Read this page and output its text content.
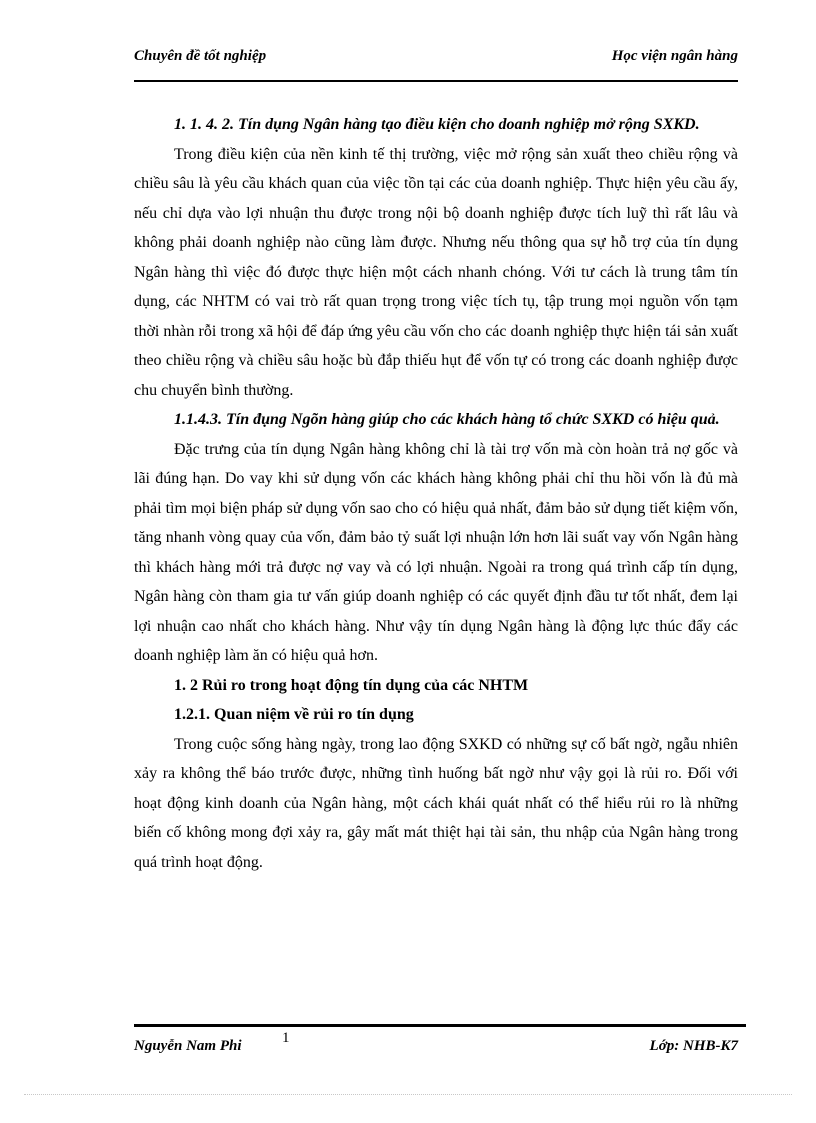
Chuyên đề tốt nghiệp	Học viện ngân hàng

1. 1. 4. 2. Tín dụng Ngân hàng tạo điều kiện cho doanh nghiệp mở rộng SXKD.

Trong điều kiện của nền kinh tế thị trường, việc mở rộng sản xuất theo chiều rộng và chiều sâu là yêu cầu khách quan của việc tồn tại các của doanh nghiệp. Thực hiện yêu cầu ấy, nếu chỉ dựa vào lợi nhuận thu được trong nội bộ doanh nghiệp được tích luỹ thì rất lâu và không phải doanh nghiệp nào cũng làm được. Nhưng nếu thông qua sự hỗ trợ của tín dụng Ngân hàng thì việc đó được thực hiện một cách nhanh chóng. Với tư cách là trung tâm tín dụng, các NHTM có vai trò rất quan trọng trong việc tích tụ, tập trung mọi nguồn vốn tạm thời nhàn rỗi trong xã hội để đáp ứng yêu cầu vốn cho các doanh nghiệp thực hiện tái sản xuất theo chiều rộng và chiều sâu hoặc bù đắp thiếu hụt để vốn tự có trong các doanh nghiệp được chu chuyển bình thường.

1.1.4.3. Tín đụng Ngõn hàng giúp cho các khách hàng tổ chức SXKD có hiệu quả.

Đặc trưng của tín dụng Ngân hàng không chỉ là tài trợ vốn mà còn hoàn trả nợ gốc và lãi đúng hạn. Do vay khi sử dụng vốn các khách hàng không phải chỉ thu hồi vốn là đủ mà phải tìm mọi biện pháp sử dụng vốn sao cho có hiệu quả nhất, đảm bảo sử dụng tiết kiệm vốn, tăng nhanh vòng quay của vốn, đảm bảo tỷ suất lợi nhuận lớn hơn lãi suất vay vốn Ngân hàng thì khách hàng mới trả được nợ vay và có lợi nhuận. Ngoài ra trong quá trình cấp tín dụng, Ngân hàng còn tham gia tư vấn giúp doanh nghiệp có các quyết định đầu tư tốt nhất, đem lại lợi nhuận cao nhất cho khách hàng. Như vậy tín dụng Ngân hàng là động lực thúc đẩy các doanh nghiệp làm ăn có hiệu quả hơn.

1. 2 Rủi ro trong hoạt động tín dụng của các NHTM

1.2.1. Quan niệm về rủi ro tín dụng

Trong cuộc sống hàng ngày, trong lao động SXKD có những sự cố bất ngờ, ngẫu nhiên xảy ra không thể báo trước được, những tình huống bất ngờ như vậy gọi là rủi ro. Đối với hoạt động kinh doanh của Ngân hàng, một cách khái quát nhất có thể hiểu rủi ro là những biến cố không mong đợi xảy ra, gây mất mát thiệt hại tài sản, thu nhập của Ngân hàng trong quá trình hoạt động.

Nguyễn Nam Phi	1	Lớp: NHB-K7
